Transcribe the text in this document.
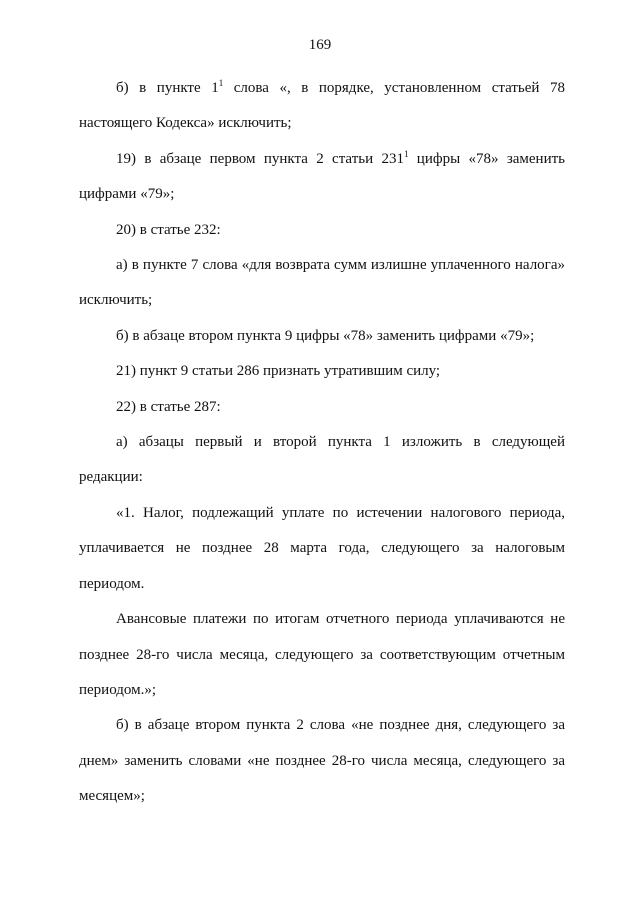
169

б) в пункте $1^1$ слова «, в порядке, установленном статьей 78 настоящего Кодекса» исключить;

19) в абзаце первом пункта 2 статьи $231^1$ цифры «78» заменить цифрами «79»;

20) в статье 232:

а) в пункте 7 слова «для возврата сумм излишне уплаченного налога» исключить;

б) в абзаце втором пункта 9 цифры «78» заменить цифрами «79»;

21) пункт 9 статьи 286 признать утратившим силу;

22) в статье 287:

а) абзацы первый и второй пункта 1 изложить в следующей редакции:

«1. Налог, подлежащий уплате по истечении налогового периода, уплачивается не позднее 28 марта года, следующего за налоговым периодом.

Авансовые платежи по итогам отчетного периода уплачиваются не позднее 28-го числа месяца, следующего за соответствующим отчетным периодом.»;

б) в абзаце втором пункта 2 слова «не позднее дня, следующего за днем» заменить словами «не позднее 28-го числа месяца, следующего за месяцем»;
